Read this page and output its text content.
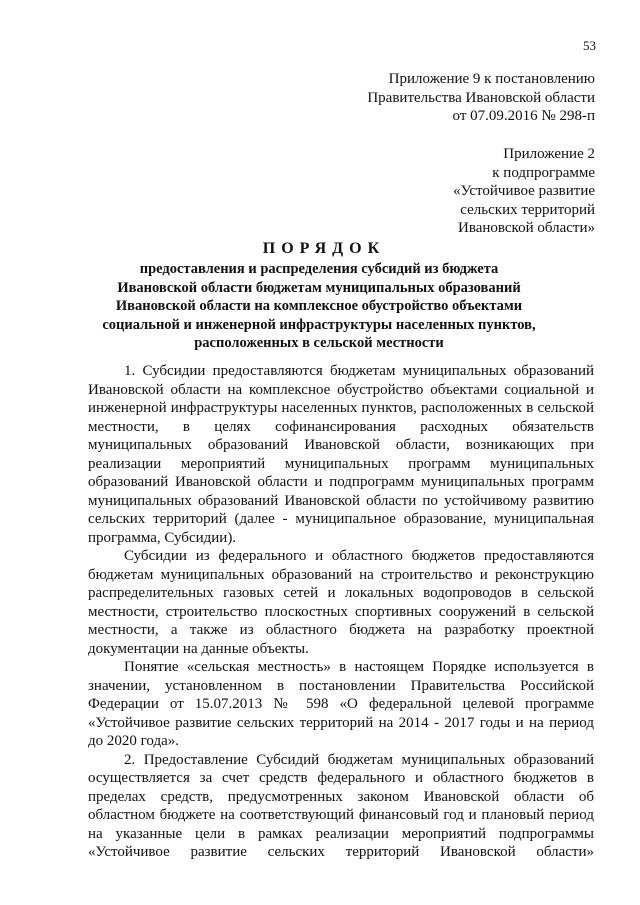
53
Приложение 9 к постановлению
Правительства Ивановской области
от 07.09.2016 № 298-п
Приложение 2
к подпрограмме
«Устойчивое развитие
сельских территорий
Ивановской области»
ПОРЯДОК
предоставления и распределения субсидий из бюджета
Ивановской области бюджетам муниципальных образований
Ивановской области на комплексное обустройство объектами
социальной и инженерной инфраструктуры населенных пунктов,
расположенных в сельской местности
1. Субсидии предоставляются бюджетам муниципальных образований
Ивановской области на комплексное обустройство объектами социальной и
инженерной инфраструктуры населенных пунктов, расположенных в сельской
местности, в целях софинансирования расходных обязательств
муниципальных образований Ивановской области, возникающих при
реализации мероприятий муниципальных программ муниципальных
образований Ивановской области и подпрограмм муниципальных программ
муниципальных образований Ивановской области по устойчивому развитию
сельских территорий (далее - муниципальное образование, муниципальная
программа, Субсидии).
Субсидии из федерального и областного бюджетов предоставляются
бюджетам муниципальных образований на строительство и реконструкцию
распределительных газовых сетей и локальных водопроводов в сельской
местности, строительство плоскостных спортивных сооружений в сельской
местности, а также из областного бюджета на разработку проектной
документации на данные объекты.
Понятие «сельская местность» в настоящем Порядке используется в
значении, установленном в постановлении Правительства Российской
Федерации от 15.07.2013 № 598 «О федеральной целевой программе
«Устойчивое развитие сельских территорий на 2014 - 2017 годы и на период
до 2020 года».
2. Предоставление Субсидий бюджетам муниципальных образований
осуществляется за счет средств федерального и областного бюджетов в
пределах средств, предусмотренных законом Ивановской области об
областном бюджете на соответствующий финансовый год и плановый период
на указанные цели в рамках реализации мероприятий подпрограммы
«Устойчивое развитие сельских территорий Ивановской области»
